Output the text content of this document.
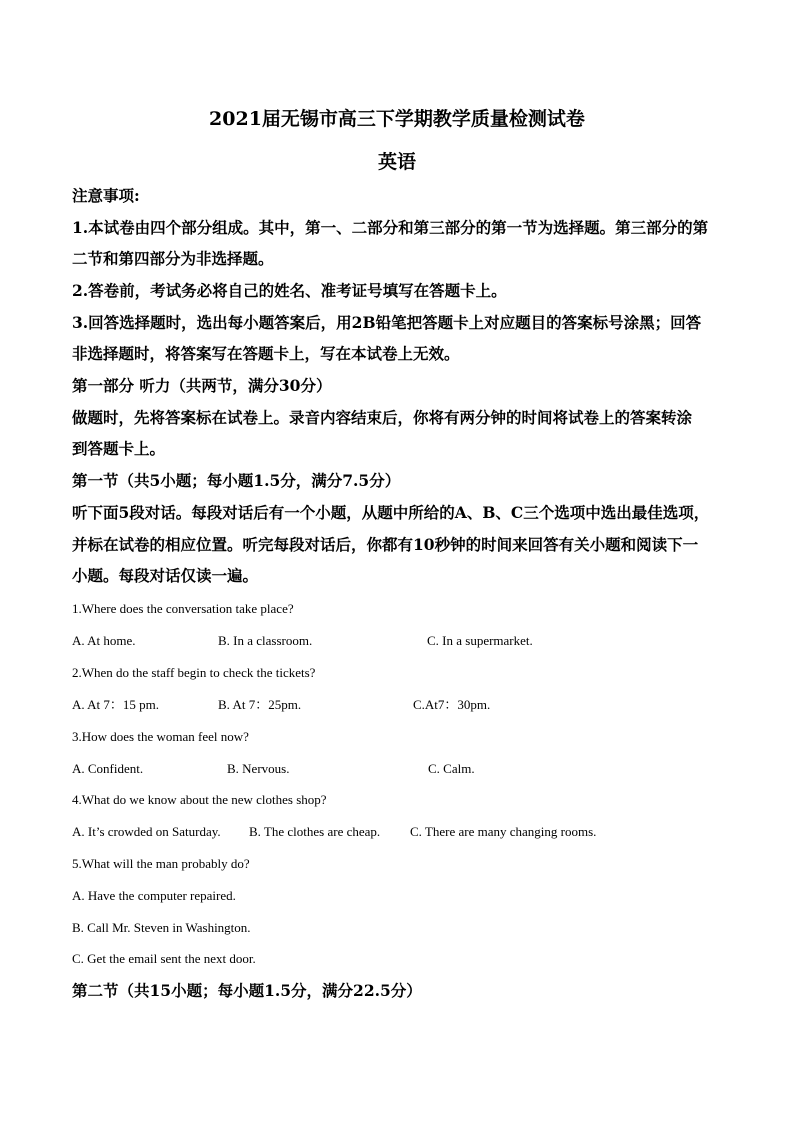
2021届无锡市高三下学期教学质量检测试卷
英语
注意事项:
1.本试卷由四个部分组成。其中，第一、二部分和第三部分的第一节为选择题。第三部分的第
二节和第四部分为非选择题。
2.答卷前，考试务必将自己的姓名、准考证号填写在答题卡上。
3.回答选择题时，选出每小题答案后，用2B铅笔把答题卡上对应题目的答案标号涂黑；回答
非选择题时，将答案写在答题卡上，写在本试卷上无效。
第一部分 听力（共两节，满分30分）
做题时，先将答案标在试卷上。录音内容结束后，你将有两分钟的时间将试卷上的答案转涂
到答题卡上。
第一节（共5小题；每小题1.5分，满分7.5分）
听下面5段对话。每段对话后有一个小题，从题中所给的A、B、C三个选项中选出最佳选项，
并标在试卷的相应位置。听完每段对话后，你都有10秒钟的时间来回答有关小题和阅读下一
小题。每段对话仅读一遍。
1.Where does the conversation take place?
A. At home.	B. In a classroom.	C. In a supermarket.
2.When do the staff begin to check the tickets?
A. At 7：15 pm.	B. At 7：25pm.	C.At7：30pm.
3.How does the woman feel now?
A. Confident.	B. Nervous.	C. Calm.
4.What do we know about the new clothes shop?
A. It’s crowded on Saturday. B. The clothes are cheap. C. There are many changing rooms.
5.What will the man probably do?
A. Have the computer repaired.
B. Call Mr. Steven in Washington.
C. Get the email sent the next door.
第二节（共15小题；每小题1.5分，满分22.5分）
